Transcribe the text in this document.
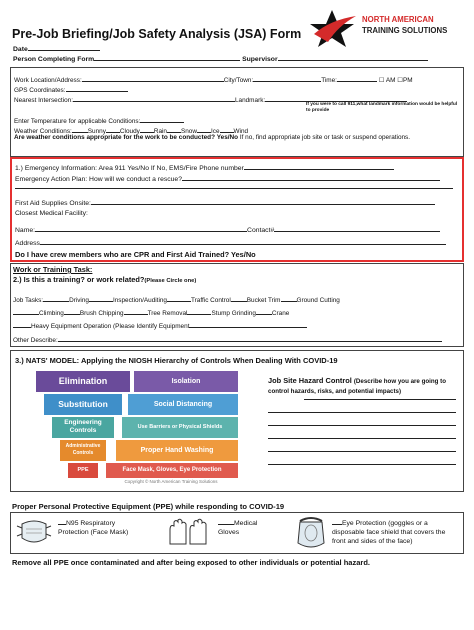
Pre-Job Briefing/Job Safety Analysis (JSA) Form
NORTH AMERICAN
TRAINING SOLUTIONS
Date
Person Completing Form	Supervisor
Work Location/Address:	City/Town:	Time:	☐ AM ☐PM
GPS Coordinates:
Nearest Intersection:	Landmark:
If you were to call 911,what landmark information would be helpful to provide
Enter Temperature for applicable Conditions:
Weather Conditions:	Sunny Cloudy Rain Snow Ice Wind
Are weather conditions appropriate for the work to be conducted? Yes/No If no, find appropriate job site or task or suspend operations.
1.) Emergency Information: Area 911 Yes/No If No, EMS/Fire Phone number
Emergency Action Plan: How will we conduct a rescue?
First Aid Supplies Onsite:
Closest Medical Facility:
Name:	Contact#
Address
Do I have crew members who are CPR and First Aid Trained? Yes/No
Work or Training Task:
2.) Is this a training? or work related?(Please Circle one)
Job Tasks:	Driving	Inspection/Auditing	Traffic Control	Bucket Trim	Ground Cutting
Climbing	Brush Chipping	Tree Removal	Stump Grinding	Crane
Heavy Equipment Operation (Please Identify Equipment
Other Describe:
3.) NATS' MODEL: Applying the NIOSH Hierarchy of Controls When Dealing With COVID-19
Elimination
Substitution
Engineering Controls
Administrative Controls
PPE
Isolation
Social Distancing
Use Barriers or Physical Shields
Proper Hand Washing
Face Mask, Gloves, Eye Protection
Copyright © North American Training Solutions
Job Site Hazard Control (Describe how you are going to control hazards, risks, and potential impacts)
Proper Personal Protective Equipment (PPE) while responding to COVID-19
N95 Respiratory Protection (Face Mask)
Medical Gloves
Eye Protection (goggles or a disposable face shield that covers the front and sides of the face)
Remove all PPE once contaminated and after being exposed to other individuals or potential hazard.
